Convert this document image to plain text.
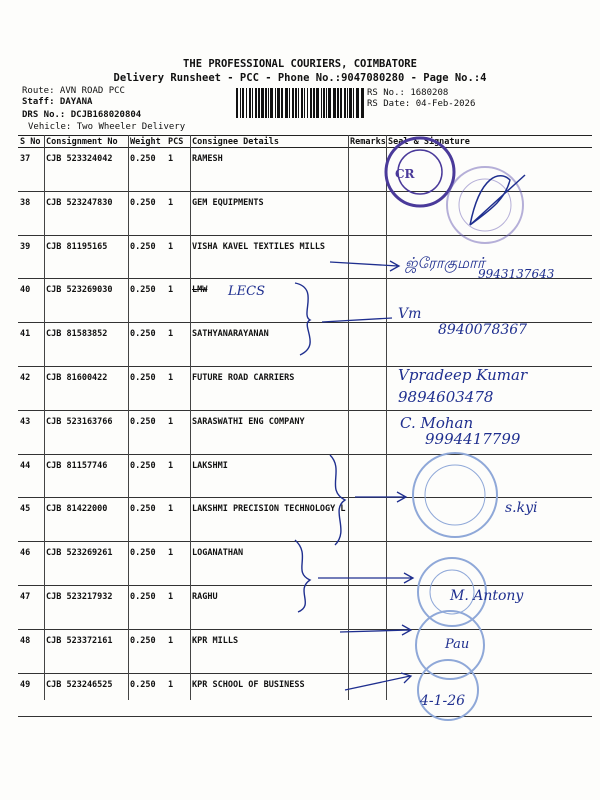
THE PROFESSIONAL COURIERS, COIMBATORE
Delivery Runsheet - PCC - Phone No.:9047080280 - Page No.:4
Route: AVN ROAD PCC
Staff: DAYANA
DRS No.: DCJB168020804
Vehicle: Two Wheeler Delivery
RS No.: 1680208
RS Date: 04-Feb-2026
S No	Consignment No	Weight	PCS	Consignee Details	Remarks	Seal & Signature
37	CJB 523324042	0.250	1	RAMESH		
38	CJB 523247830	0.250	1	GEM EQUIPMENTS		
39	CJB 81195165	0.250	1	VISHA KAVEL TEXTILES MILLS		
40	CJB 523269030	0.250	1	LMW		
41	CJB 81583852	0.250	1	SATHYANARAYANAN		
42	CJB 81600422	0.250	1	FUTURE ROAD CARRIERS		
43	CJB 523163766	0.250	1	SARASWATHI ENG COMPANY		
44	CJB 81157746	0.250	1	LAKSHMI		
45	CJB 81422000	0.250	1	LAKSHMI PRECISION TECHNOLOGY L		
46	CJB 523269261	0.250	1	LOGANATHAN		
47	CJB 523217932	0.250	1	RAGHU		
48	CJB 523372161	0.250	1	KPR MILLS		
49	CJB 523246525	0.250	1	KPR SCHOOL OF BUSINESS		
CR
ஜ்ரோகுமார்
9943137643
LECS
Vm
8940078367
Vpradeep Kumar
9894603478
C. Mohan
9994417799
s.kyi
M. Antony
Pau
4-1-26
